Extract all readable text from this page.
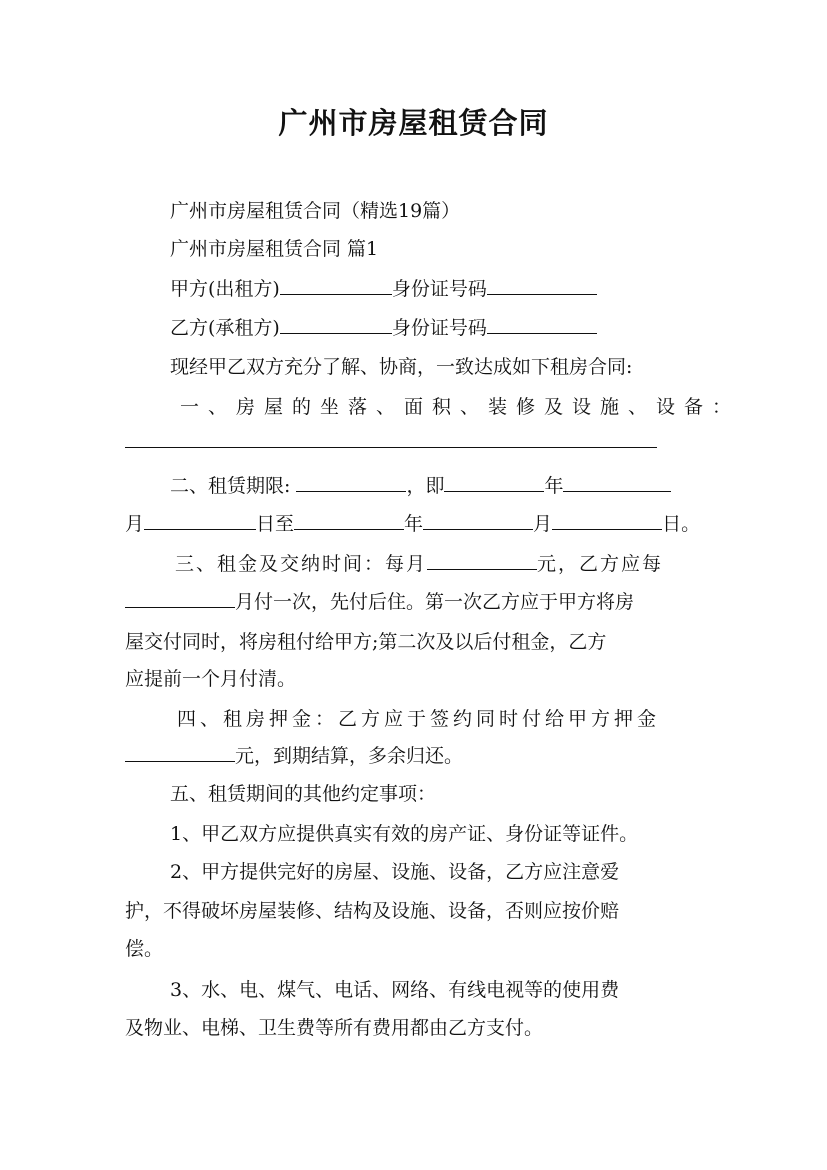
广州市房屋租赁合同

广州市房屋租赁合同（精选19篇）

广州市房屋租赁合同 篇1

甲方(出租方)	身份证号码

乙方(承租方)	身份证号码

现经甲乙双方充分了解、协商，一致达成如下租房合同:

一、房屋的坐落、面积、装修及设施、设备：

二、租赁期限:	，即	年

月	日至	年	月	日。

三、租金及交纳时间：每月	元，乙方应每

月付一次，先付后住。第一次乙方应于甲方将房

屋交付同时，将房租付给甲方;第二次及以后付租金，乙方

应提前一个月付清。

四、租房押金：乙方应于签约同时付给甲方押金

元，到期结算，多余归还。

五、租赁期间的其他约定事项：

1、甲乙双方应提供真实有效的房产证、身份证等证件。

2、甲方提供完好的房屋、设施、设备，乙方应注意爱

护，不得破坏房屋装修、结构及设施、设备，否则应按价赔

偿。

3、水、电、煤气、电话、网络、有线电视等的使用费

及物业、电梯、卫生费等所有费用都由乙方支付。
